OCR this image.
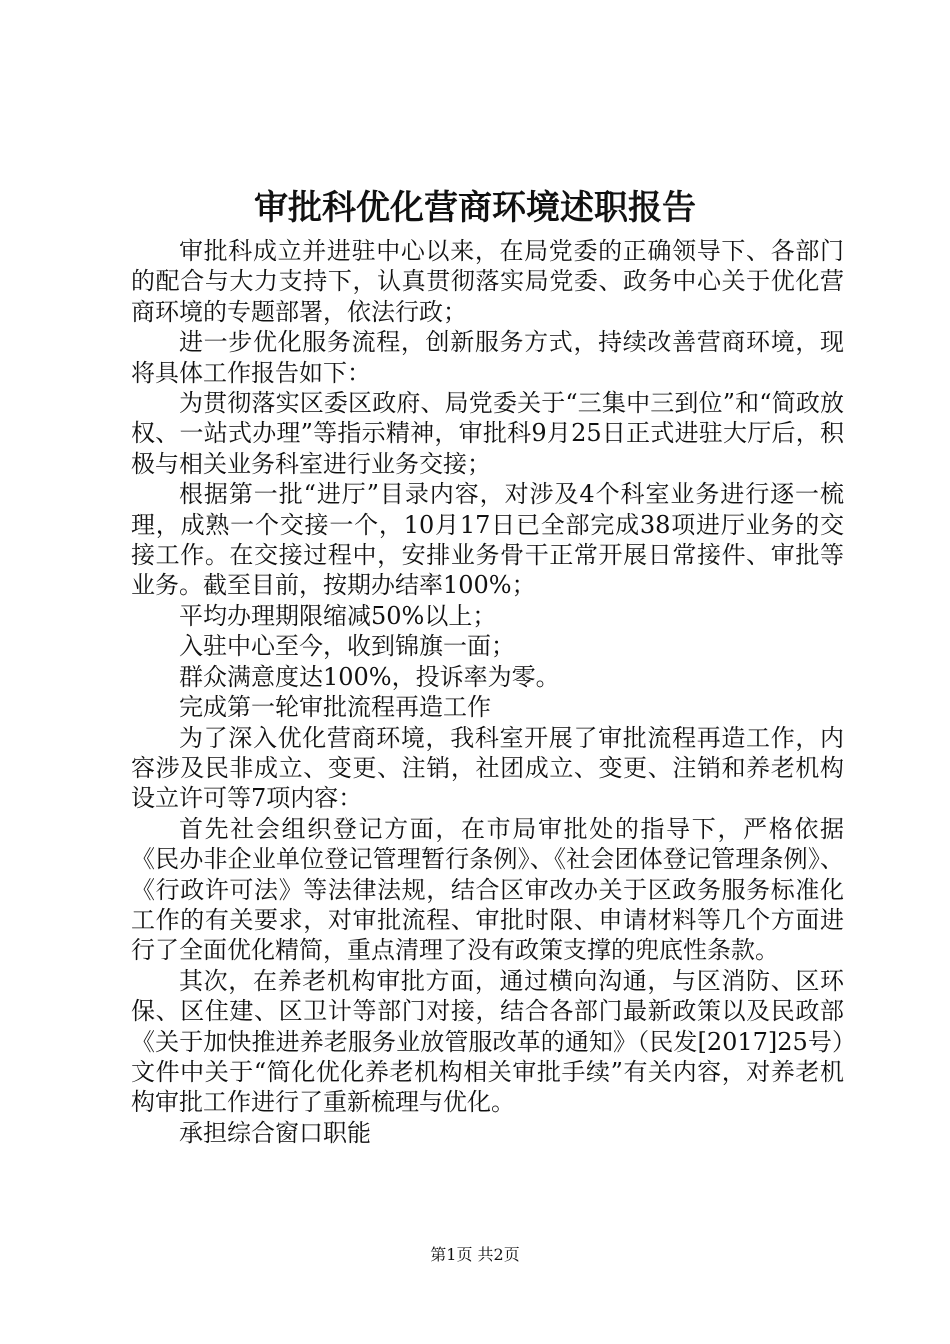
审批科优化营商环境述职报告

审批科成立并进驻中心以来，在局党委的正确领导下、各部门的配合与大力支持下，认真贯彻落实局党委、政务中心关于优化营商环境的专题部署，依法行政；

进一步优化服务流程，创新服务方式，持续改善营商环境，现将具体工作报告如下：

为贯彻落实区委区政府、局党委关于“三集中三到位”和“简政放权、一站式办理”等指示精神，审批科9月25日正式进驻大厅后，积极与相关业务科室进行业务交接；

根据第一批“进厅”目录内容，对涉及4个科室业务进行逐一梳理，成熟一个交接一个，10月17日已全部完成38项进厅业务的交接工作。在交接过程中，安排业务骨干正常开展日常接件、审批等业务。截至目前，按期办结率100%；

平均办理期限缩减50%以上；

入驻中心至今，收到锦旗一面；

群众满意度达100%，投诉率为零。

完成第一轮审批流程再造工作

为了深入优化营商环境，我科室开展了审批流程再造工作，内容涉及民非成立、变更、注销，社团成立、变更、注销和养老机构设立许可等7项内容：

首先社会组织登记方面，在市局审批处的指导下，严格依据《民办非企业单位登记管理暂行条例》、《社会团体登记管理条例》、《行政许可法》等法律法规，结合区审改办关于区政务服务标准化工作的有关要求，对审批流程、审批时限、申请材料等几个方面进行了全面优化精简，重点清理了没有政策支撑的兜底性条款。

其次，在养老机构审批方面，通过横向沟通，与区消防、区环保、区住建、区卫计等部门对接，结合各部门最新政策以及民政部《关于加快推进养老服务业放管服改革的通知》（民发[2017]25号）文件中关于“简化优化养老机构相关审批手续”有关内容，对养老机构审批工作进行了重新梳理与优化。

承担综合窗口职能

第1页 共2页
